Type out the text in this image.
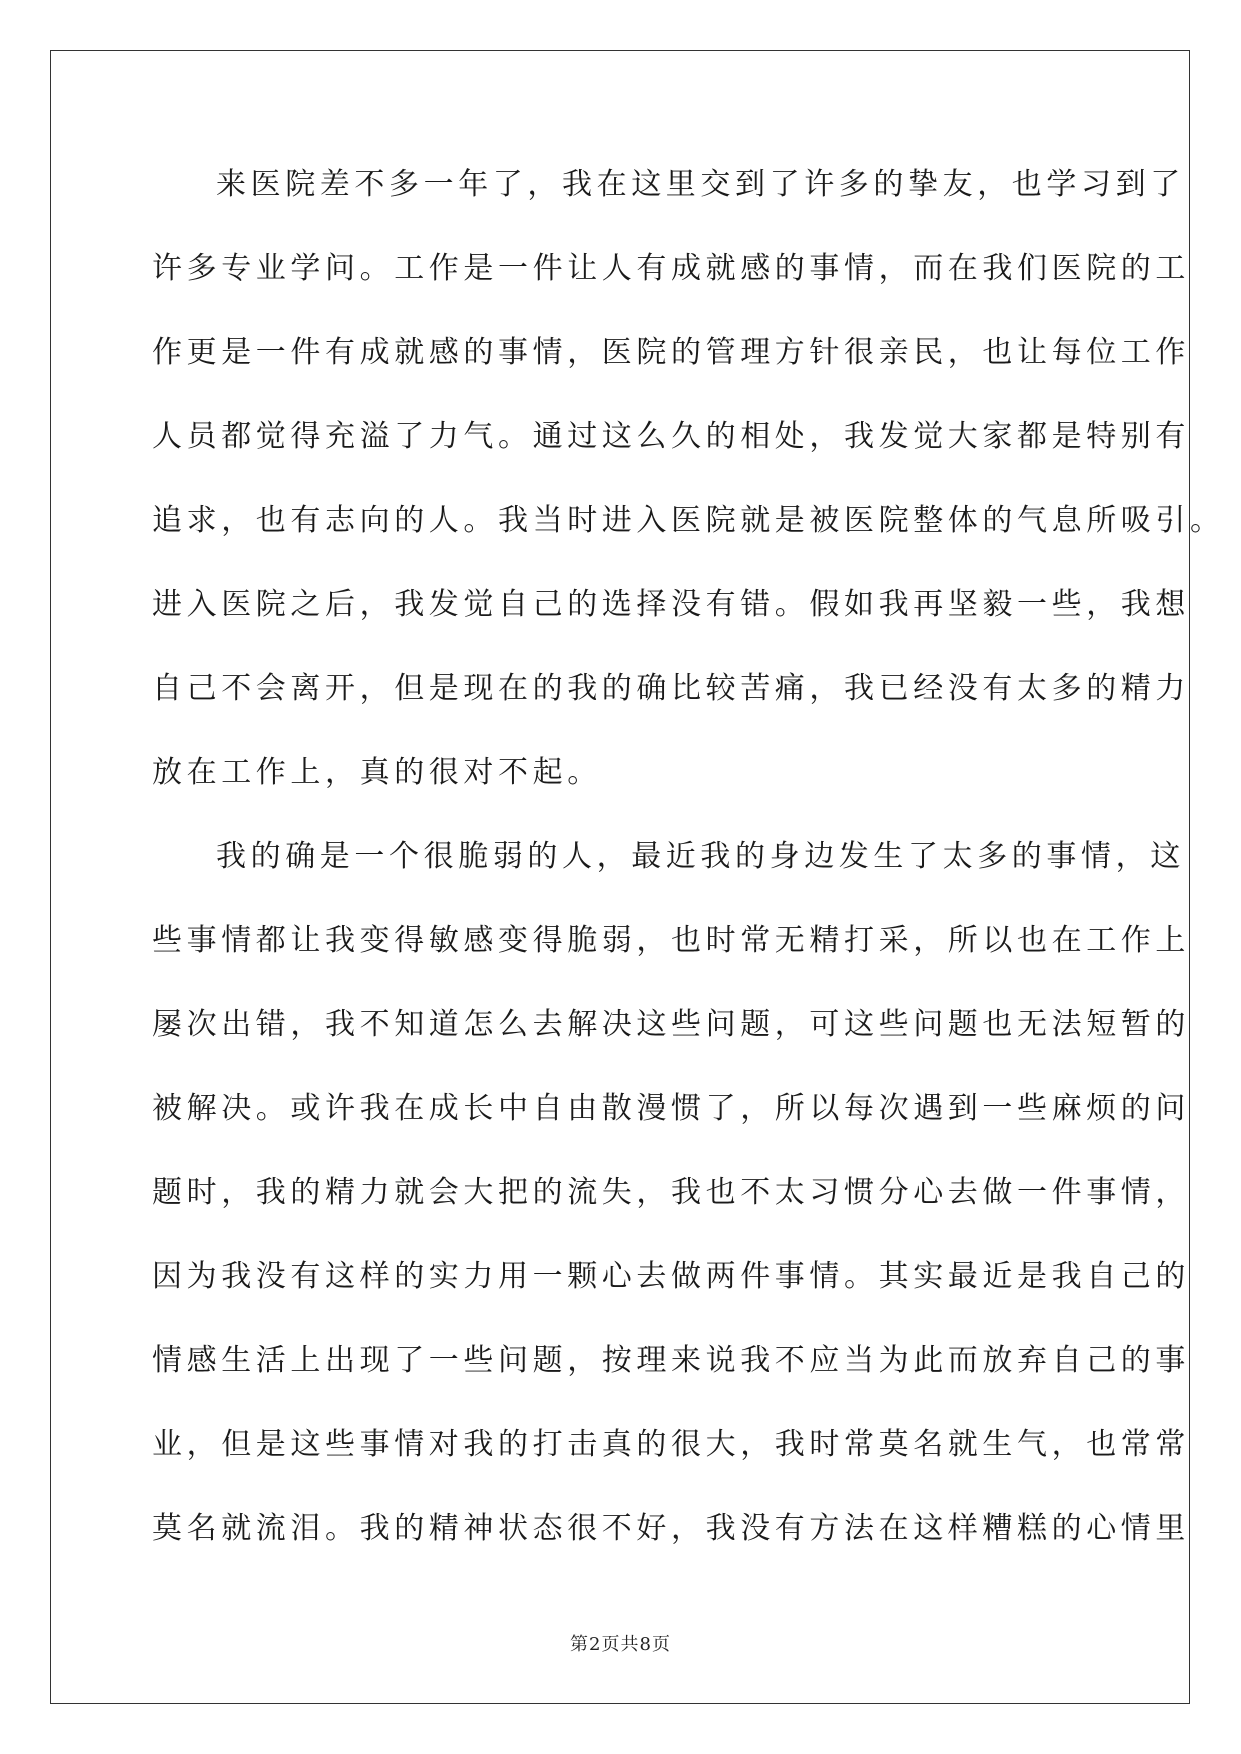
来医院差不多一年了，我在这里交到了许多的挚友，也学习到了
许多专业学问。工作是一件让人有成就感的事情，而在我们医院的工
作更是一件有成就感的事情，医院的管理方针很亲民，也让每位工作
人员都觉得充溢了力气。通过这么久的相处，我发觉大家都是特别有
追求，也有志向的人。我当时进入医院就是被医院整体的气息所吸引。
进入医院之后，我发觉自己的选择没有错。假如我再坚毅一些，我想
自己不会离开，但是现在的我的确比较苦痛，我已经没有太多的精力
放在工作上，真的很对不起。
我的确是一个很脆弱的人，最近我的身边发生了太多的事情，这
些事情都让我变得敏感变得脆弱，也时常无精打采，所以也在工作上
屡次出错，我不知道怎么去解决这些问题，可这些问题也无法短暂的
被解决。或许我在成长中自由散漫惯了，所以每次遇到一些麻烦的问
题时，我的精力就会大把的流失，我也不太习惯分心去做一件事情，
因为我没有这样的实力用一颗心去做两件事情。其实最近是我自己的
情感生活上出现了一些问题，按理来说我不应当为此而放弃自己的事
业，但是这些事情对我的打击真的很大，我时常莫名就生气，也常常
莫名就流泪。我的精神状态很不好，我没有方法在这样糟糕的心情里
第2页共8页
